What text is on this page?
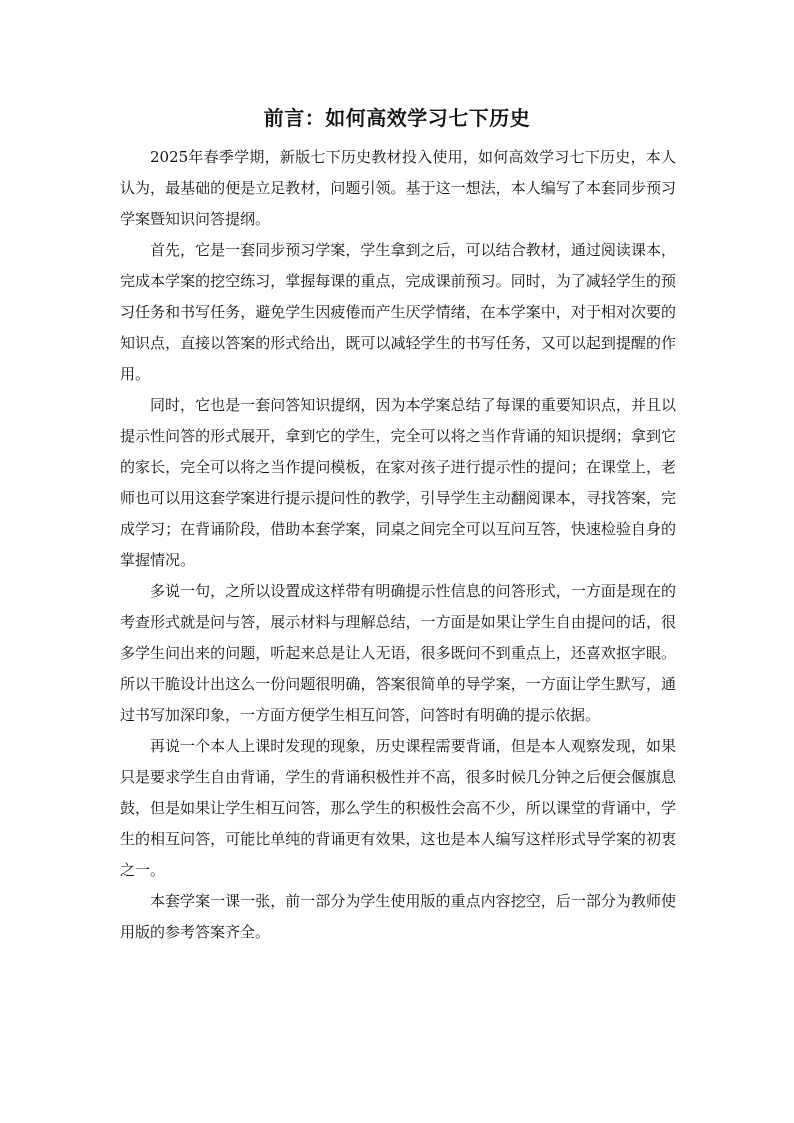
前言：如何高效学习七下历史

2025年春季学期，新版七下历史教材投入使用，如何高效学习七下历史，本人认为，最基础的便是立足教材，问题引领。基于这一想法，本人编写了本套同步预习学案暨知识问答提纲。

首先，它是一套同步预习学案，学生拿到之后，可以结合教材，通过阅读课本，完成本学案的挖空练习，掌握每课的重点，完成课前预习。同时，为了减轻学生的预习任务和书写任务，避免学生因疲倦而产生厌学情绪，在本学案中，对于相对次要的知识点，直接以答案的形式给出，既可以减轻学生的书写任务，又可以起到提醒的作用。

同时，它也是一套问答知识提纲，因为本学案总结了每课的重要知识点，并且以提示性问答的形式展开，拿到它的学生，完全可以将之当作背诵的知识提纲；拿到它的家长，完全可以将之当作提问模板，在家对孩子进行提示性的提问；在课堂上，老师也可以用这套学案进行提示提问性的教学，引导学生主动翻阅课本，寻找答案，完成学习；在背诵阶段，借助本套学案，同桌之间完全可以互问互答，快速检验自身的掌握情况。

多说一句，之所以设置成这样带有明确提示性信息的问答形式，一方面是现在的考查形式就是问与答，展示材料与理解总结，一方面是如果让学生自由提问的话，很多学生问出来的问题，听起来总是让人无语，很多既问不到重点上，还喜欢抠字眼。所以干脆设计出这么一份问题很明确，答案很简单的导学案，一方面让学生默写，通过书写加深印象，一方面方便学生相互问答，问答时有明确的提示依据。

再说一个本人上课时发现的现象，历史课程需要背诵，但是本人观察发现，如果只是要求学生自由背诵，学生的背诵积极性并不高，很多时候几分钟之后便会偃旗息鼓，但是如果让学生相互问答，那么学生的积极性会高不少，所以课堂的背诵中，学生的相互问答，可能比单纯的背诵更有效果，这也是本人编写这样形式导学案的初衷之一。

本套学案一课一张，前一部分为学生使用版的重点内容挖空，后一部分为教师使用版的参考答案齐全。
